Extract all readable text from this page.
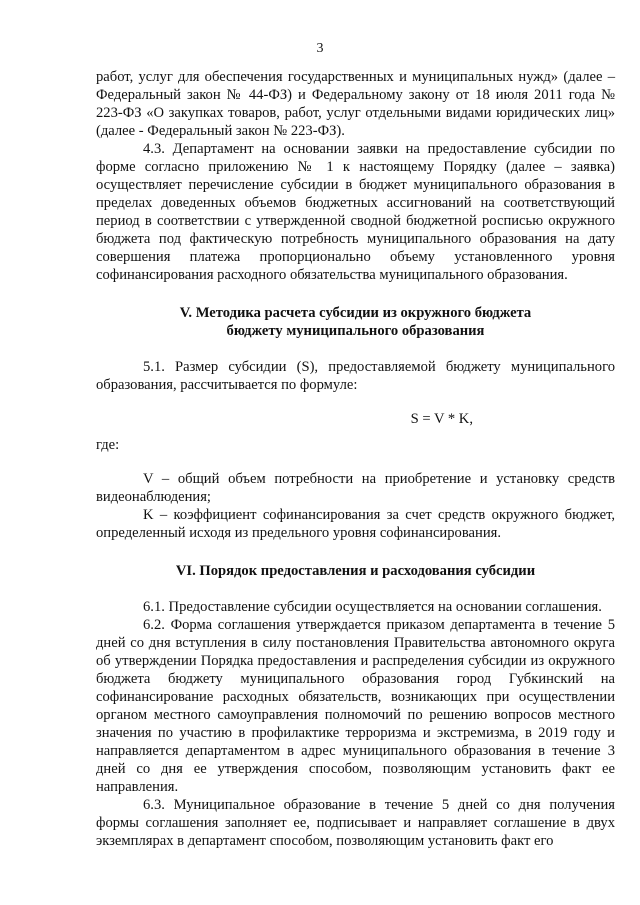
3

работ, услуг для обеспечения государственных и муниципальных нужд» (далее – Федеральный закон № 44-ФЗ) и Федеральному закону от 18 июля 2011 года № 223-ФЗ «О закупках товаров, работ, услуг отдельными видами юридических лиц» (далее - Федеральный закон № 223-ФЗ).

4.3. Департамент на основании заявки на предоставление субсидии по форме согласно приложению № 1 к настоящему Порядку (далее – заявка) осуществляет перечисление субсидии в бюджет муниципального образования в пределах доведенных объемов бюджетных ассигнований на соответствующий период в соответствии с утвержденной сводной бюджетной росписью окружного бюджета под фактическую потребность муниципального образования на дату совершения платежа пропорционально объему установленного уровня софинансирования расходного обязательства муниципального образования.

V. Методика расчета субсидии из окружного бюджета

бюджету муниципального образования

5.1. Размер субсидии (S), предоставляемой бюджету муниципального образования, рассчитывается по формуле:

S = V * K,

где:

V – общий объем потребности на приобретение и установку средств видеонаблюдения;

K – коэффициент софинансирования за счет средств окружного бюджет, определенный исходя из предельного уровня софинансирования.

VI. Порядок предоставления и расходования субсидии

6.1. Предоставление субсидии осуществляется на основании соглашения.

6.2. Форма соглашения утверждается приказом департамента в течение 5 дней со дня вступления в силу постановления Правительства автономного округа об утверждении Порядка предоставления и распределения субсидии из окружного бюджета бюджету муниципального образования город Губкинский на софинансирование расходных обязательств, возникающих при осуществлении органом местного самоуправления полномочий по решению вопросов местного значения по участию в профилактике терроризма и экстремизма, в 2019 году и направляется департаментом в адрес муниципального образования в течение 3 дней со дня ее утверждения способом, позволяющим установить факт ее направления.

6.3. Муниципальное образование в течение 5 дней со дня получения формы соглашения заполняет ее, подписывает и направляет соглашение в двух экземплярах в департамент способом, позволяющим установить факт его
